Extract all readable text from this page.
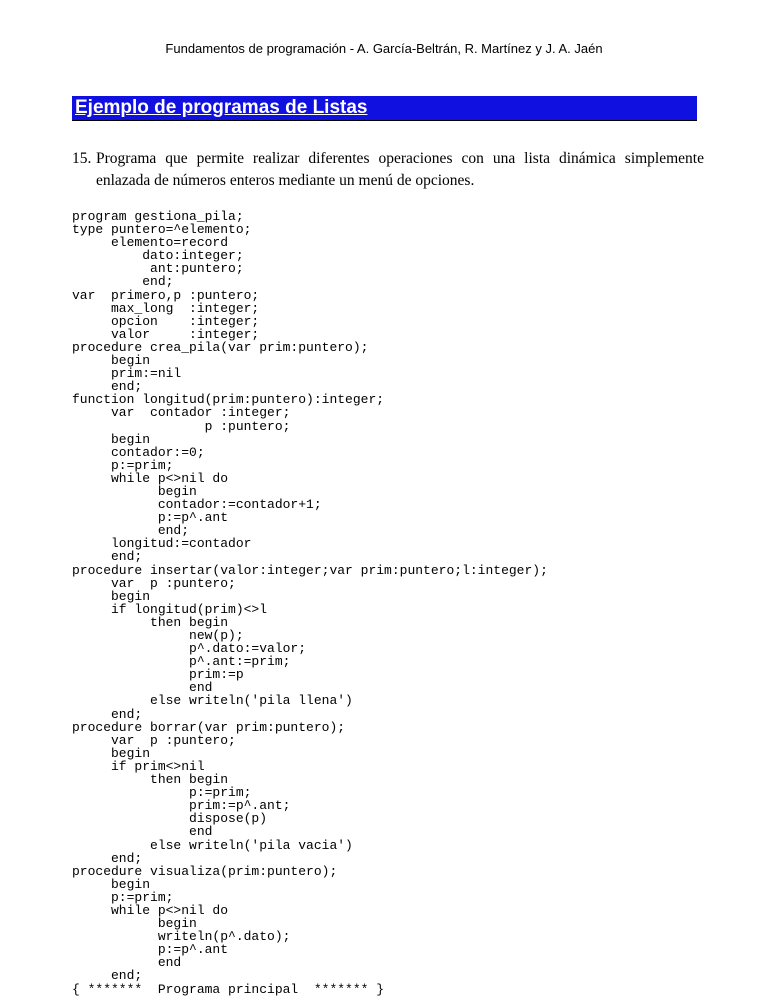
Fundamentos de programación - A. García-Beltrán, R. Martínez y J. A. Jaén
Ejemplo de programas de Listas
15. Programa que permite realizar diferentes operaciones con una lista dinámica simplemente enlazada de números enteros mediante un menú de opciones.
program gestiona_pila;
type puntero=^elemento;
elemento=record
dato:integer;
ant:puntero;
end;
var  primero,p :puntero;
max_long  :integer;
opcion    :integer;
valor     :integer;
procedure crea_pila(var prim:puntero);
begin
prim:=nil
end;
function longitud(prim:puntero):integer;
var  contador :integer;
p :puntero;
begin
contador:=0;
p:=prim;
while p<>nil do
begin
contador:=contador+1;
p:=p^.ant
end;
longitud:=contador
end;
procedure insertar(valor:integer;var prim:puntero;l:integer);
var  p :puntero;
begin
if longitud(prim)<>l
then begin
new(p);
p^.dato:=valor;
p^.ant:=prim;
prim:=p
end
else writeln('pila llena')
end;
procedure borrar(var prim:puntero);
var  p :puntero;
begin
if prim<>nil
then begin
p:=prim;
prim:=p^.ant;
dispose(p)
end
else writeln('pila vacia')
end;
procedure visualiza(prim:puntero);
begin
p:=prim;
while p<>nil do
begin
writeln(p^.dato);
p:=p^.ant
end
end;
{ *******  Programa principal  ******* }
